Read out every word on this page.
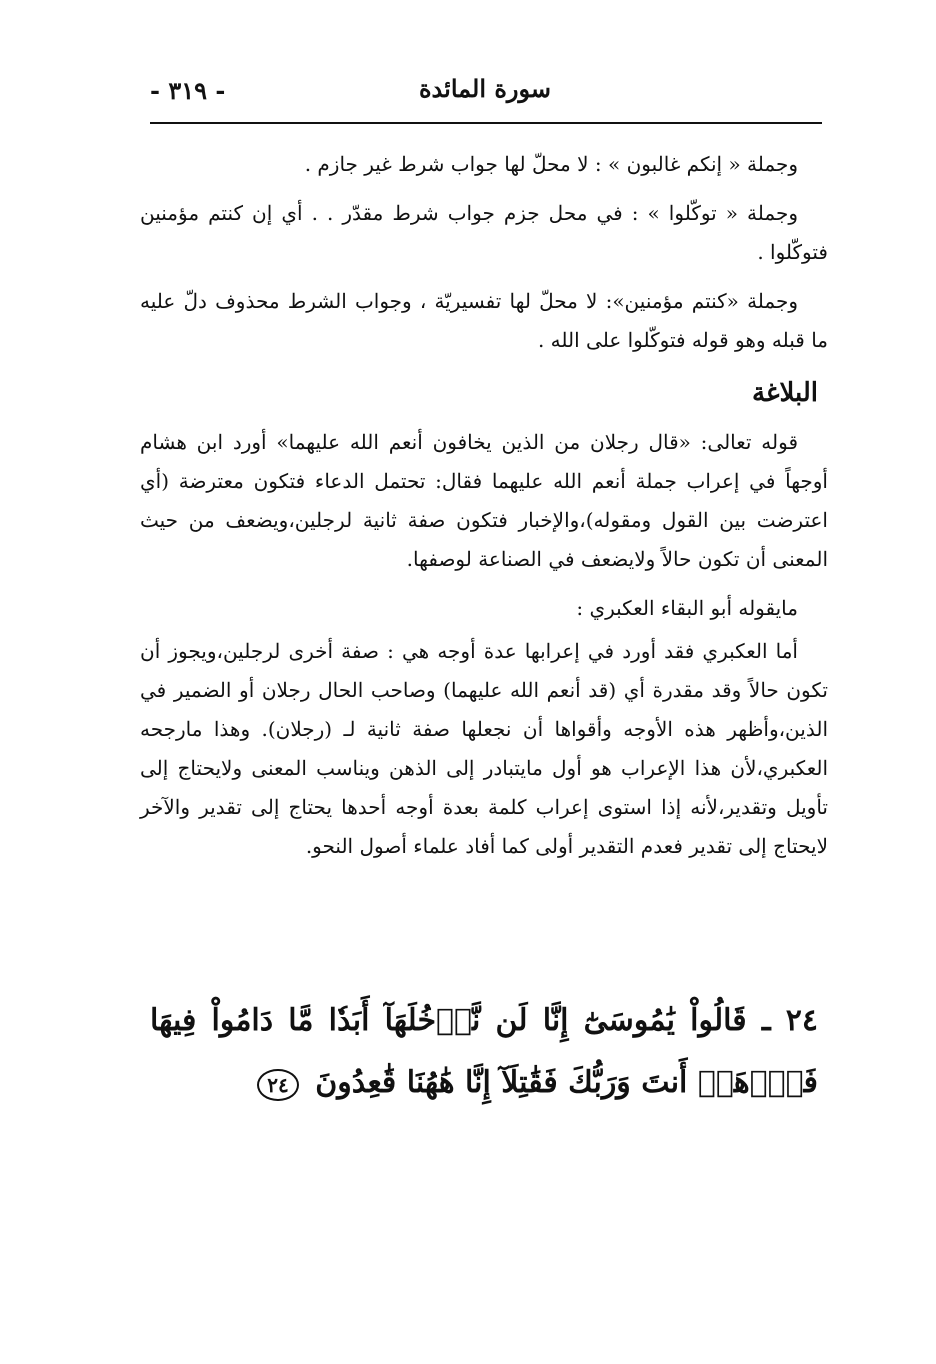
سورة المائدة
- ٣١٩ -

وجملة « إنكم غالبون » : لا محلّ لها جواب شرط غير جازم .

وجملة « توكّلوا » : في محل جزم جواب شرط مقدّر . . أي إن كنتم مؤمنين فتوكّلوا .

وجملة «كنتم مؤمنين»: لا محلّ لها تفسيريّة ، وجواب الشرط محذوف دلّ عليه ما قبله وهو قوله فتوكّلوا على الله .

البلاغة

قوله تعالى: «قال رجلان من الذين يخافون أنعم الله عليهما» أورد ابن هشام أوجهاً في إعراب جملة أنعم الله عليهما فقال: تحتمل الدعاء فتكون معترضة (أي اعترضت بين القول ومقوله)،والإخبار فتكون صفة ثانية لرجلين،ويضعف من حيث المعنى أن تكون حالاً ولايضعف في الصناعة لوصفها.

مايقوله أبو البقاء العكبري :

أما العكبري فقد أورد في إعرابها عدة أوجه هي : صفة أخرى لرجلين،ويجوز أن تكون حالاً وقد مقدرة أي (قد أنعم الله عليهما) وصاحب الحال رجلان أو الضمير في الذين،وأظهر هذه الأوجه وأقواها أن نجعلها صفة ثانية لـ (رجلان). وهذا مارجحه العكبري،لأن هذا الإعراب هو أول مايتبادر إلى الذهن ويناسب المعنى ولايحتاج إلى تأويل وتقدير،لأنه إذا استوى إعراب كلمة بعدة أوجه أحدها يحتاج إلى تقدير والآخر لايحتاج إلى تقدير فعدم التقدير أولى كما أفاد علماء أصول النحو.

٢٤ ـ قَالُواْ يَٰمُوسَىٰٓ إِنَّا لَن نَّدۡخُلَهَآ أَبَدٗا مَّا دَامُواْ فِيهَا فَٱذۡهَبۡ أَنتَ وَرَبُّكَ فَقَٰتِلَآ إِنَّا هَٰهُنَا قَٰعِدُونَ ٢٤
